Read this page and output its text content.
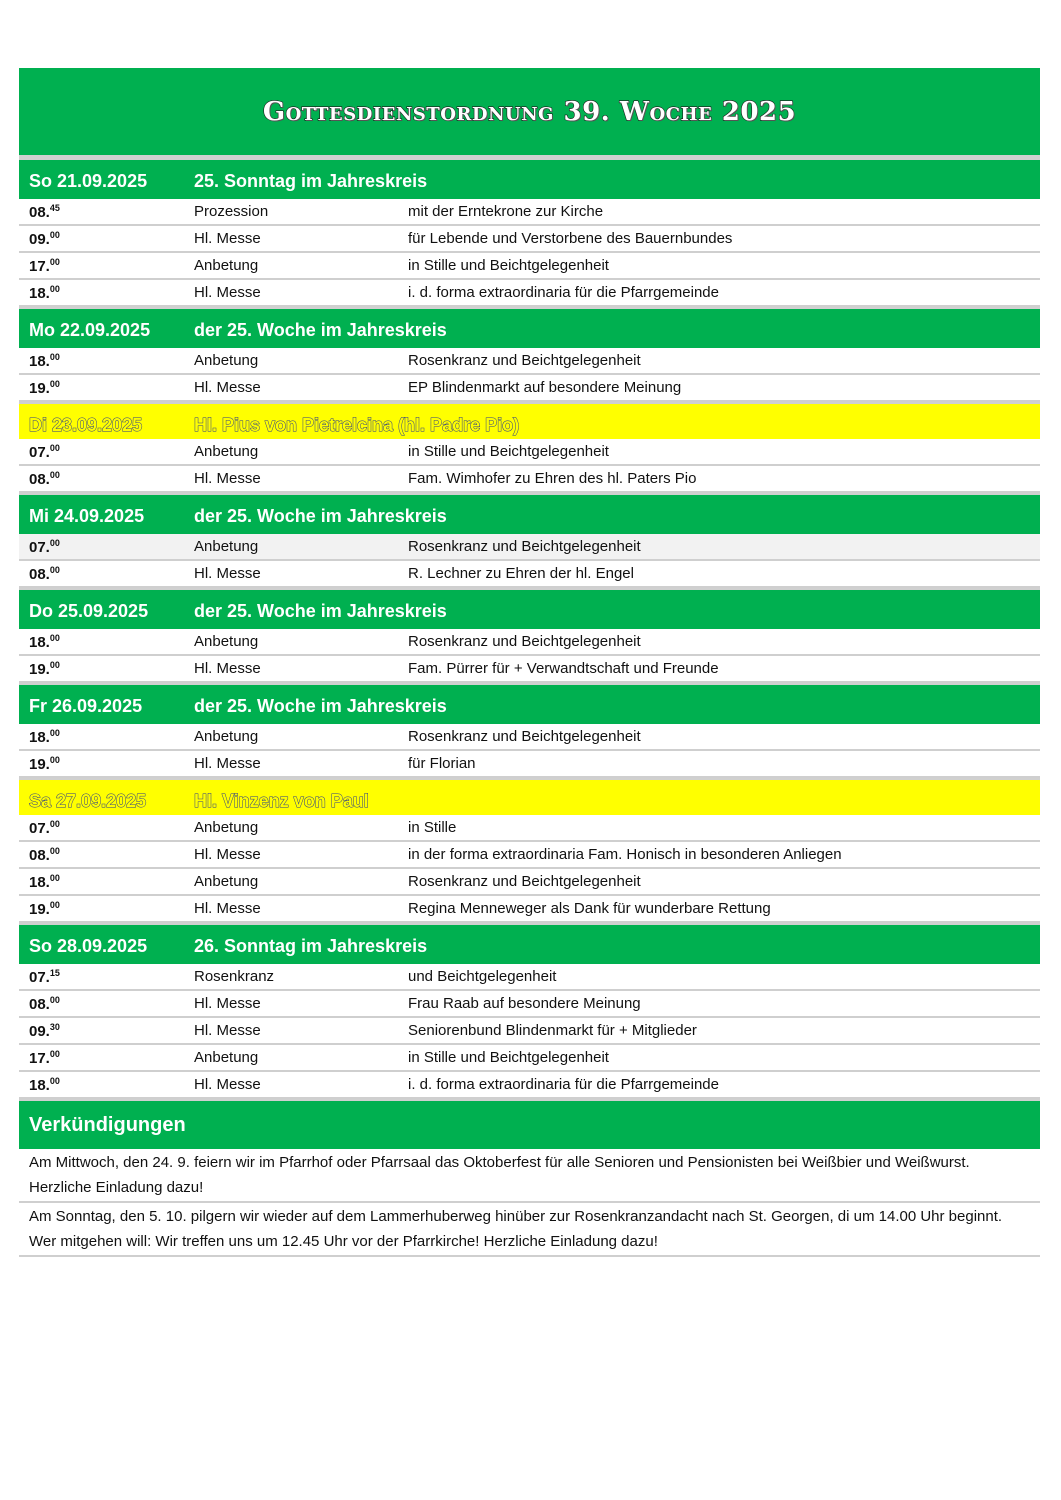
Gottesdienstordnung 39. Woche 2025
So 21.09.2025	25. Sonntag im Jahreskreis
08.45	Prozession	mit der Erntekrone zur Kirche
09.00	Hl. Messe	für Lebende und Verstorbene des Bauernbundes
17.00	Anbetung	in Stille und Beichtgelegenheit
18.00	Hl. Messe	i. d. forma extraordinaria für die Pfarrgemeinde
Mo 22.09.2025	der 25. Woche im Jahreskreis
18.00	Anbetung	Rosenkranz und Beichtgelegenheit
19.00	Hl. Messe	EP Blindenmarkt auf besondere Meinung
Di 23.09.2025	Hl. Pius von Pietrelcina (hl. Padre Pio)
07.00	Anbetung	in Stille und Beichtgelegenheit
08.00	Hl. Messe	Fam. Wimhofer zu Ehren des hl. Paters Pio
Mi 24.09.2025	der 25. Woche im Jahreskreis
07.00	Anbetung	Rosenkranz und Beichtgelegenheit
08.00	Hl. Messe	R. Lechner zu Ehren der hl. Engel
Do 25.09.2025	der 25. Woche im Jahreskreis
18.00	Anbetung	Rosenkranz und Beichtgelegenheit
19.00	Hl. Messe	Fam. Pürrer für + Verwandtschaft und Freunde
Fr 26.09.2025	der 25. Woche im Jahreskreis
18.00	Anbetung	Rosenkranz und Beichtgelegenheit
19.00	Hl. Messe	für Florian
Sa 27.09.2025	Hl. Vinzenz von Paul
07.00	Anbetung	in Stille
08.00	Hl. Messe	in der forma extraordinaria Fam. Honisch in besonderen Anliegen
18.00	Anbetung	Rosenkranz und Beichtgelegenheit
19.00	Hl. Messe	Regina Menneweger als Dank für wunderbare Rettung
So 28.09.2025	26. Sonntag im Jahreskreis
07.15	Rosenkranz	und Beichtgelegenheit
08.00	Hl. Messe	Frau Raab auf besondere Meinung
09.30	Hl. Messe	Seniorenbund Blindenmarkt für + Mitglieder
17.00	Anbetung	in Stille und Beichtgelegenheit
18.00	Hl. Messe	i. d. forma extraordinaria für die Pfarrgemeinde
Verkündigungen
Am Mittwoch, den 24. 9. feiern wir im Pfarrhof oder Pfarrsaal das Oktoberfest für alle Senioren und Pensionisten bei Weißbier und Weißwurst. Herzliche Einladung dazu!
Am Sonntag, den 5. 10. pilgern wir wieder auf dem Lammerhuberweg hinüber zur Rosenkranzandacht nach St. Georgen, di um 14.00 Uhr beginnt. Wer mitgehen will: Wir treffen uns um 12.45 Uhr vor der Pfarrkirche! Herzliche Einladung dazu!
